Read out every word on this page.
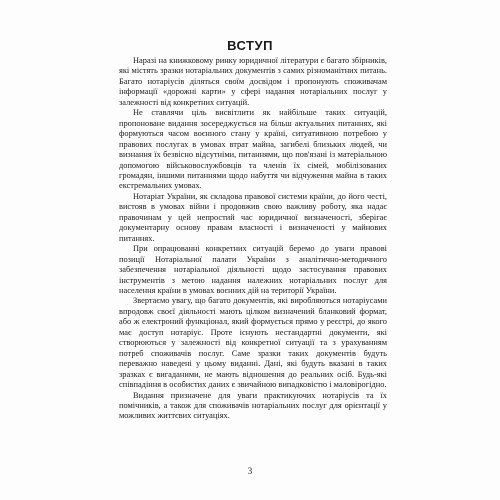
ВСТУП

Наразі на книжковому ринку юридичної літератури є багато збірників, які містять зразки нотаріальних документів з самих різноманітних питань. Багато нотаріусів діляться своїм досвідом і пропонують споживачам інформації «дорожні карти» у сфері надання нотаріальних послуг у залежності від конкретних ситуацій.

Не ставлячи ціль висвітлити як найбільше таких ситуацій, пропоноване видання зосереджується на більш актуальних питаннях, які формуються часом воєнного стану у країні, ситуативною потребою у правових послугах в умовах втрат майна, загибелі близьких людей, чи визнання їх безвісно відсутніми, питаннями, що пов'язані із матеріальною допомогою військовослужбовців та членів їх сімей, мобілізованих громадян, іншими питаннями щодо набуття чи відчуження майна в таких екстремальних умовах.

Нотаріат України, як складова правової системи країни, до його честі, вистояв в умовах війни і продовжив свою важливу роботу, яка надає правочинам у цей непростий час юридичної визначеності, зберігає документарну основу правам власності і визначеності у майнових питаннях.

При опрацюванні конкретних ситуацій беремо до уваги правові позиції Нотаріальної палати України з аналітично-методичного забезпечення нотаріальної діяльності щодо застосування правових інструментів з метою надання належних нотаріальних послуг для населення країни в умовах воєнних дій на території України.

Звертаємо увагу, що багато документів, які виробляються нотаріусами впродовж своєї діяльності мають цілком визначений бланковий формат, або ж електроний функціонал, який формується прямо у реєстрі, до якого має доступ нотаріус. Проте існують нестандартні документи, які створюються у залежності від конкретної ситуації та з урахуванням потреб споживачів послуг. Саме зразки таких документів будуть переважно наведені у цьому виданні. Дані, які будуть вказані в таких зразках є вигаданими, не мають відношення до реальних осіб. Будь-які співпадіння в особистих даних є звичайною випадковістю і маловірогідно.

Видання призначене для уваги практикуючих нотаріусів та їх помічників, а також для споживачів нотаріальних послуг для орієнтації у можливих життєвих ситуаціях.

3
